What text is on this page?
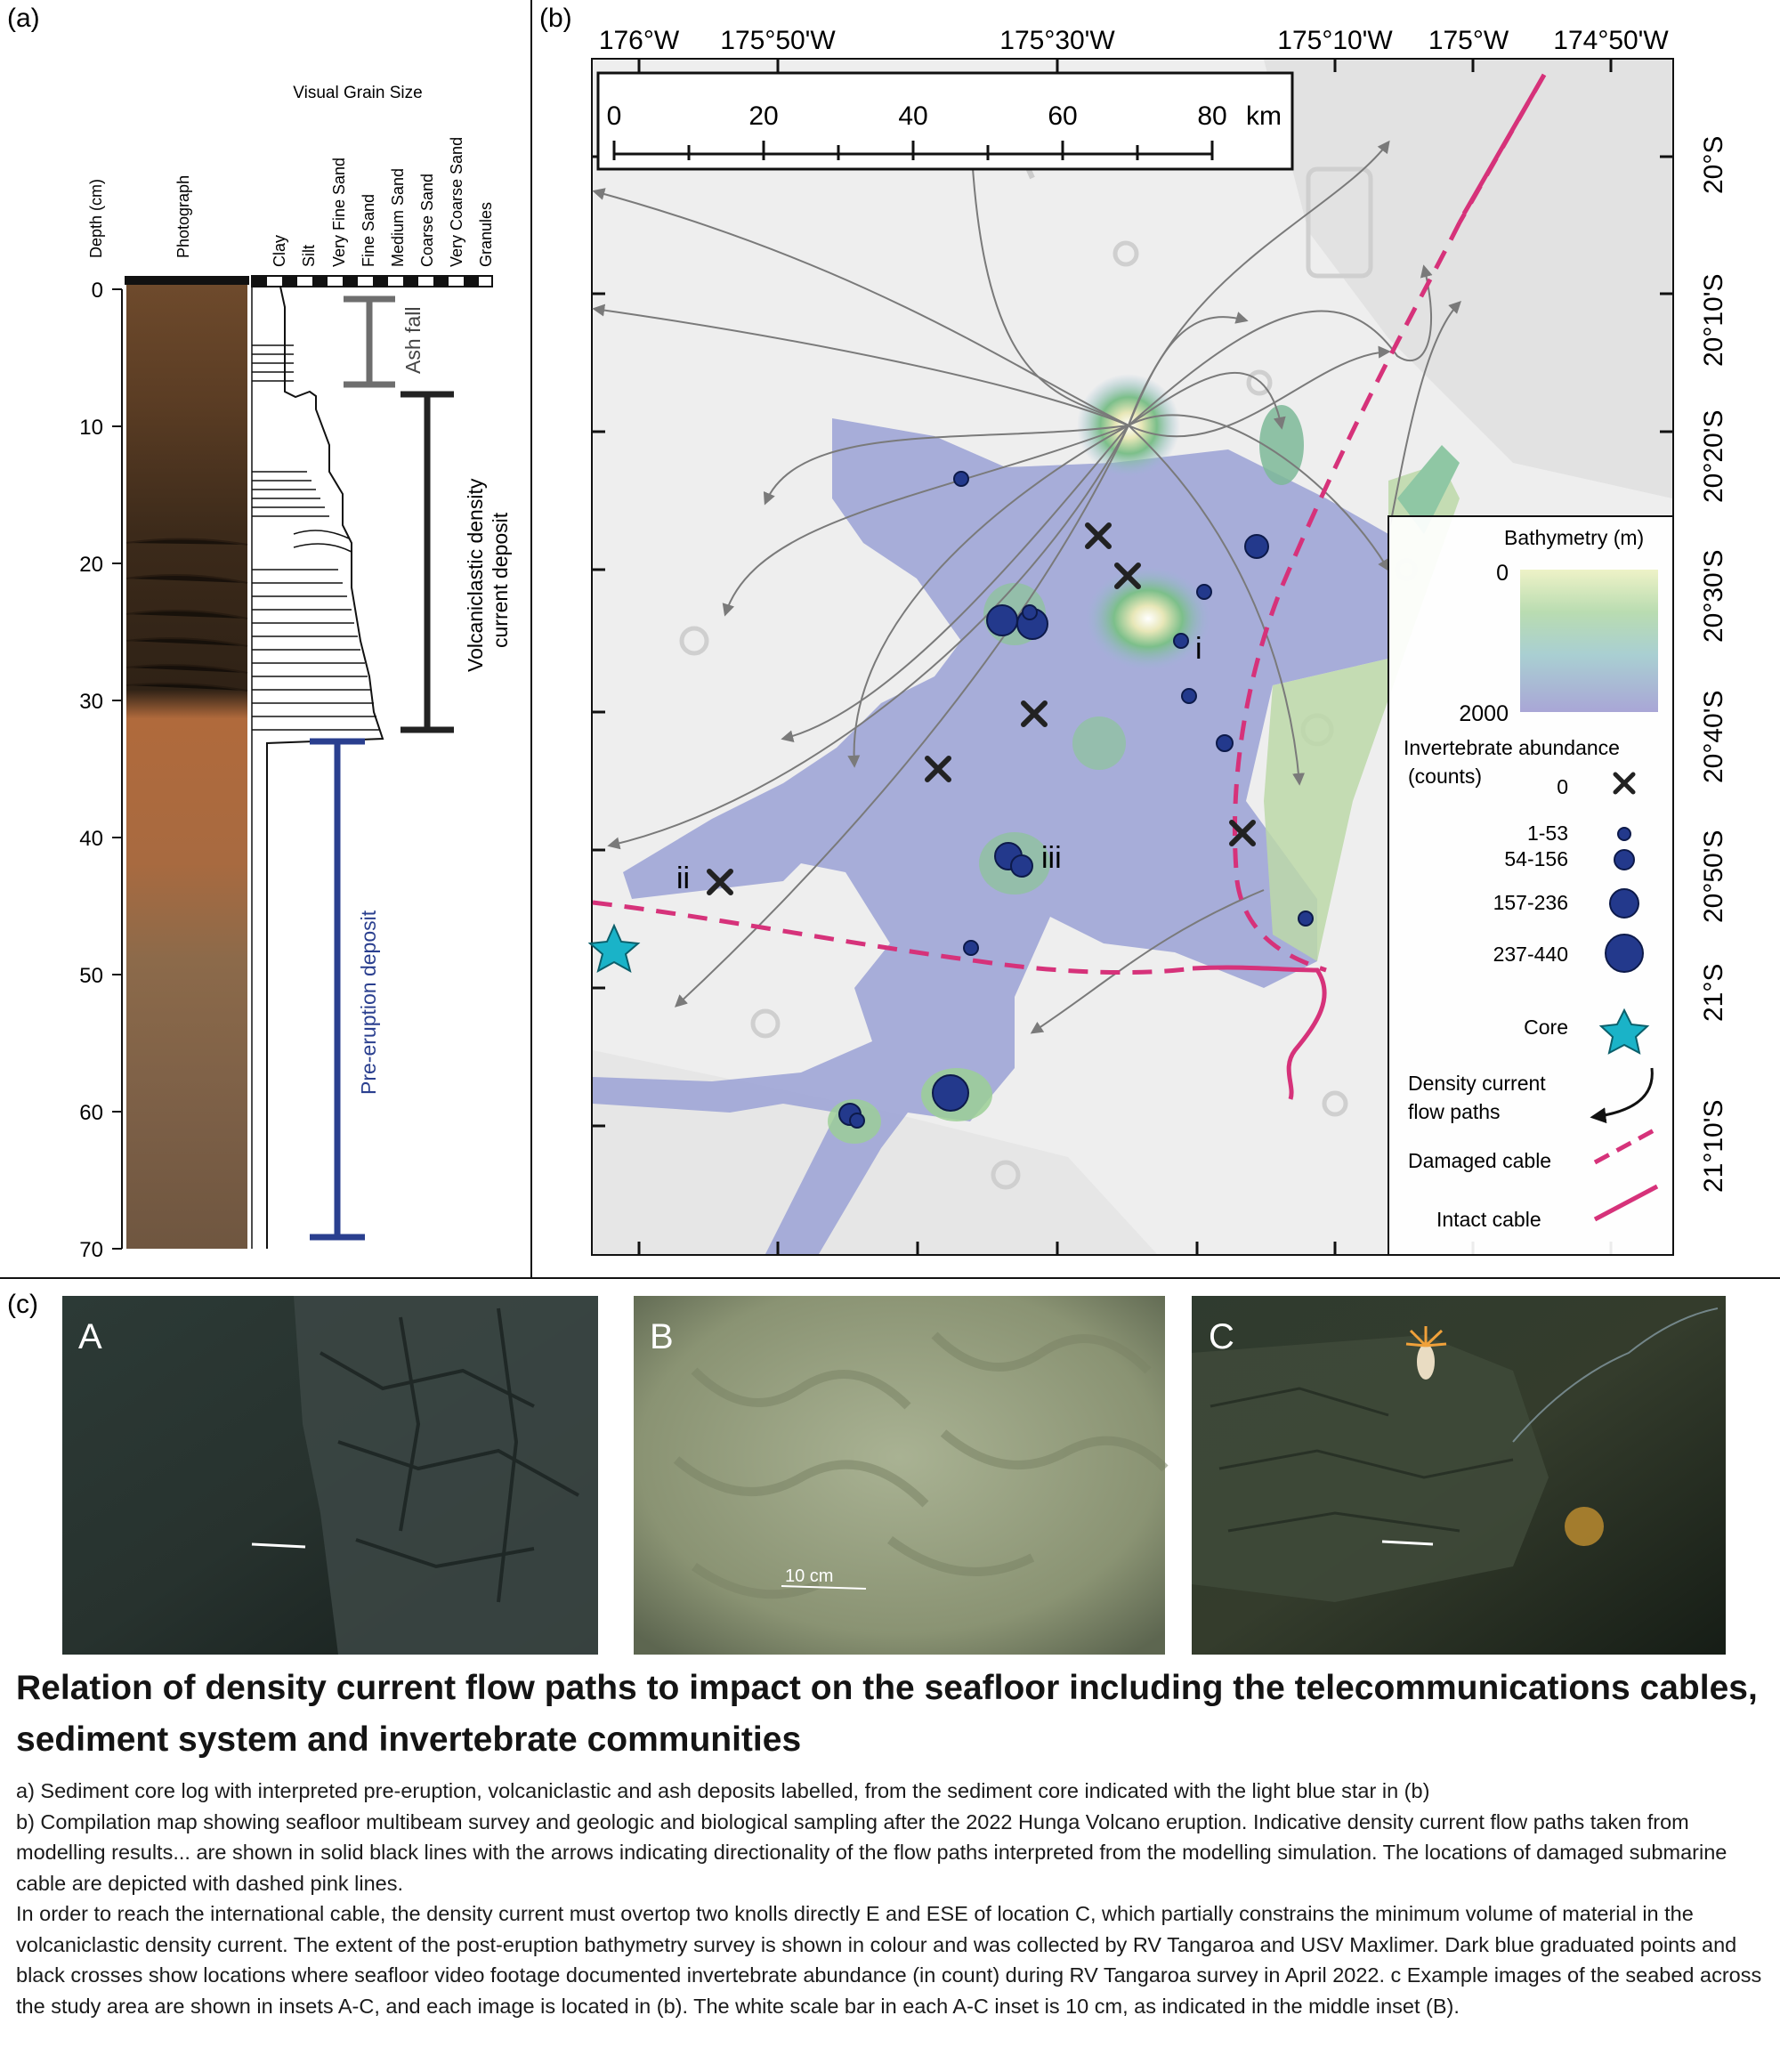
(a)
Visual Grain Size
Clay Silt Very Fine Sand Fine Sand Medium Sand Coarse Sand Very Coarse Sand Granules
Depth (cm)	Photograph
0
10
20
30
40
50
60
70
Ash fall
Volcaniclastic density current deposit
Pre-eruption deposit
(b)
176°W 175°50'W	175°30'W	175°10'W 175°W 174°50'W
20°S
20°10'S
20°20'S
20°30'S
20°40'S
20°50'S
21°S
21°10'S
i
ii
iii
0	20	40	60	80 km
Bathymetry (m)
0
2000
Invertebrate abundance
(counts)	0
1-53
54-156
157-236
237-440
Core
Density current
flow paths
Damaged cable
Intact cable
(c)
A
10 cm
B	C
Relation of density current flow paths to impact on the seafloor including the telecommunications cables, sediment system and invertebrate communities

a) Sediment core log with interpreted pre-eruption, volcaniclastic and ash deposits labelled, from the sediment core indicated with the light blue star in (b)

b) Compilation map showing seafloor multibeam survey and geologic and biological sampling after the 2022 Hunga Volcano eruption. Indicative density current flow paths taken from modelling results... are shown in solid black lines with the arrows indicating directionality of the flow paths interpreted from the modelling simulation. The locations of damaged submarine cable are depicted with dashed pink lines.

In order to reach the international cable, the density current must overtop two knolls directly E and ESE of location C, which partially constrains the minimum volume of material in the volcaniclastic density current. The extent of the post-eruption bathymetry survey is shown in colour and was collected by RV Tangaroa and USV Maxlimer. Dark blue graduated points and black crosses show locations where seafloor video footage documented invertebrate abundance (in count) during RV Tangaroa survey in April 2022. c Example images of the seabed across the study area are shown in insets A-C, and each image is located in (b). The white scale bar in each A-C inset is 10 cm, as indicated in the middle inset (B).
